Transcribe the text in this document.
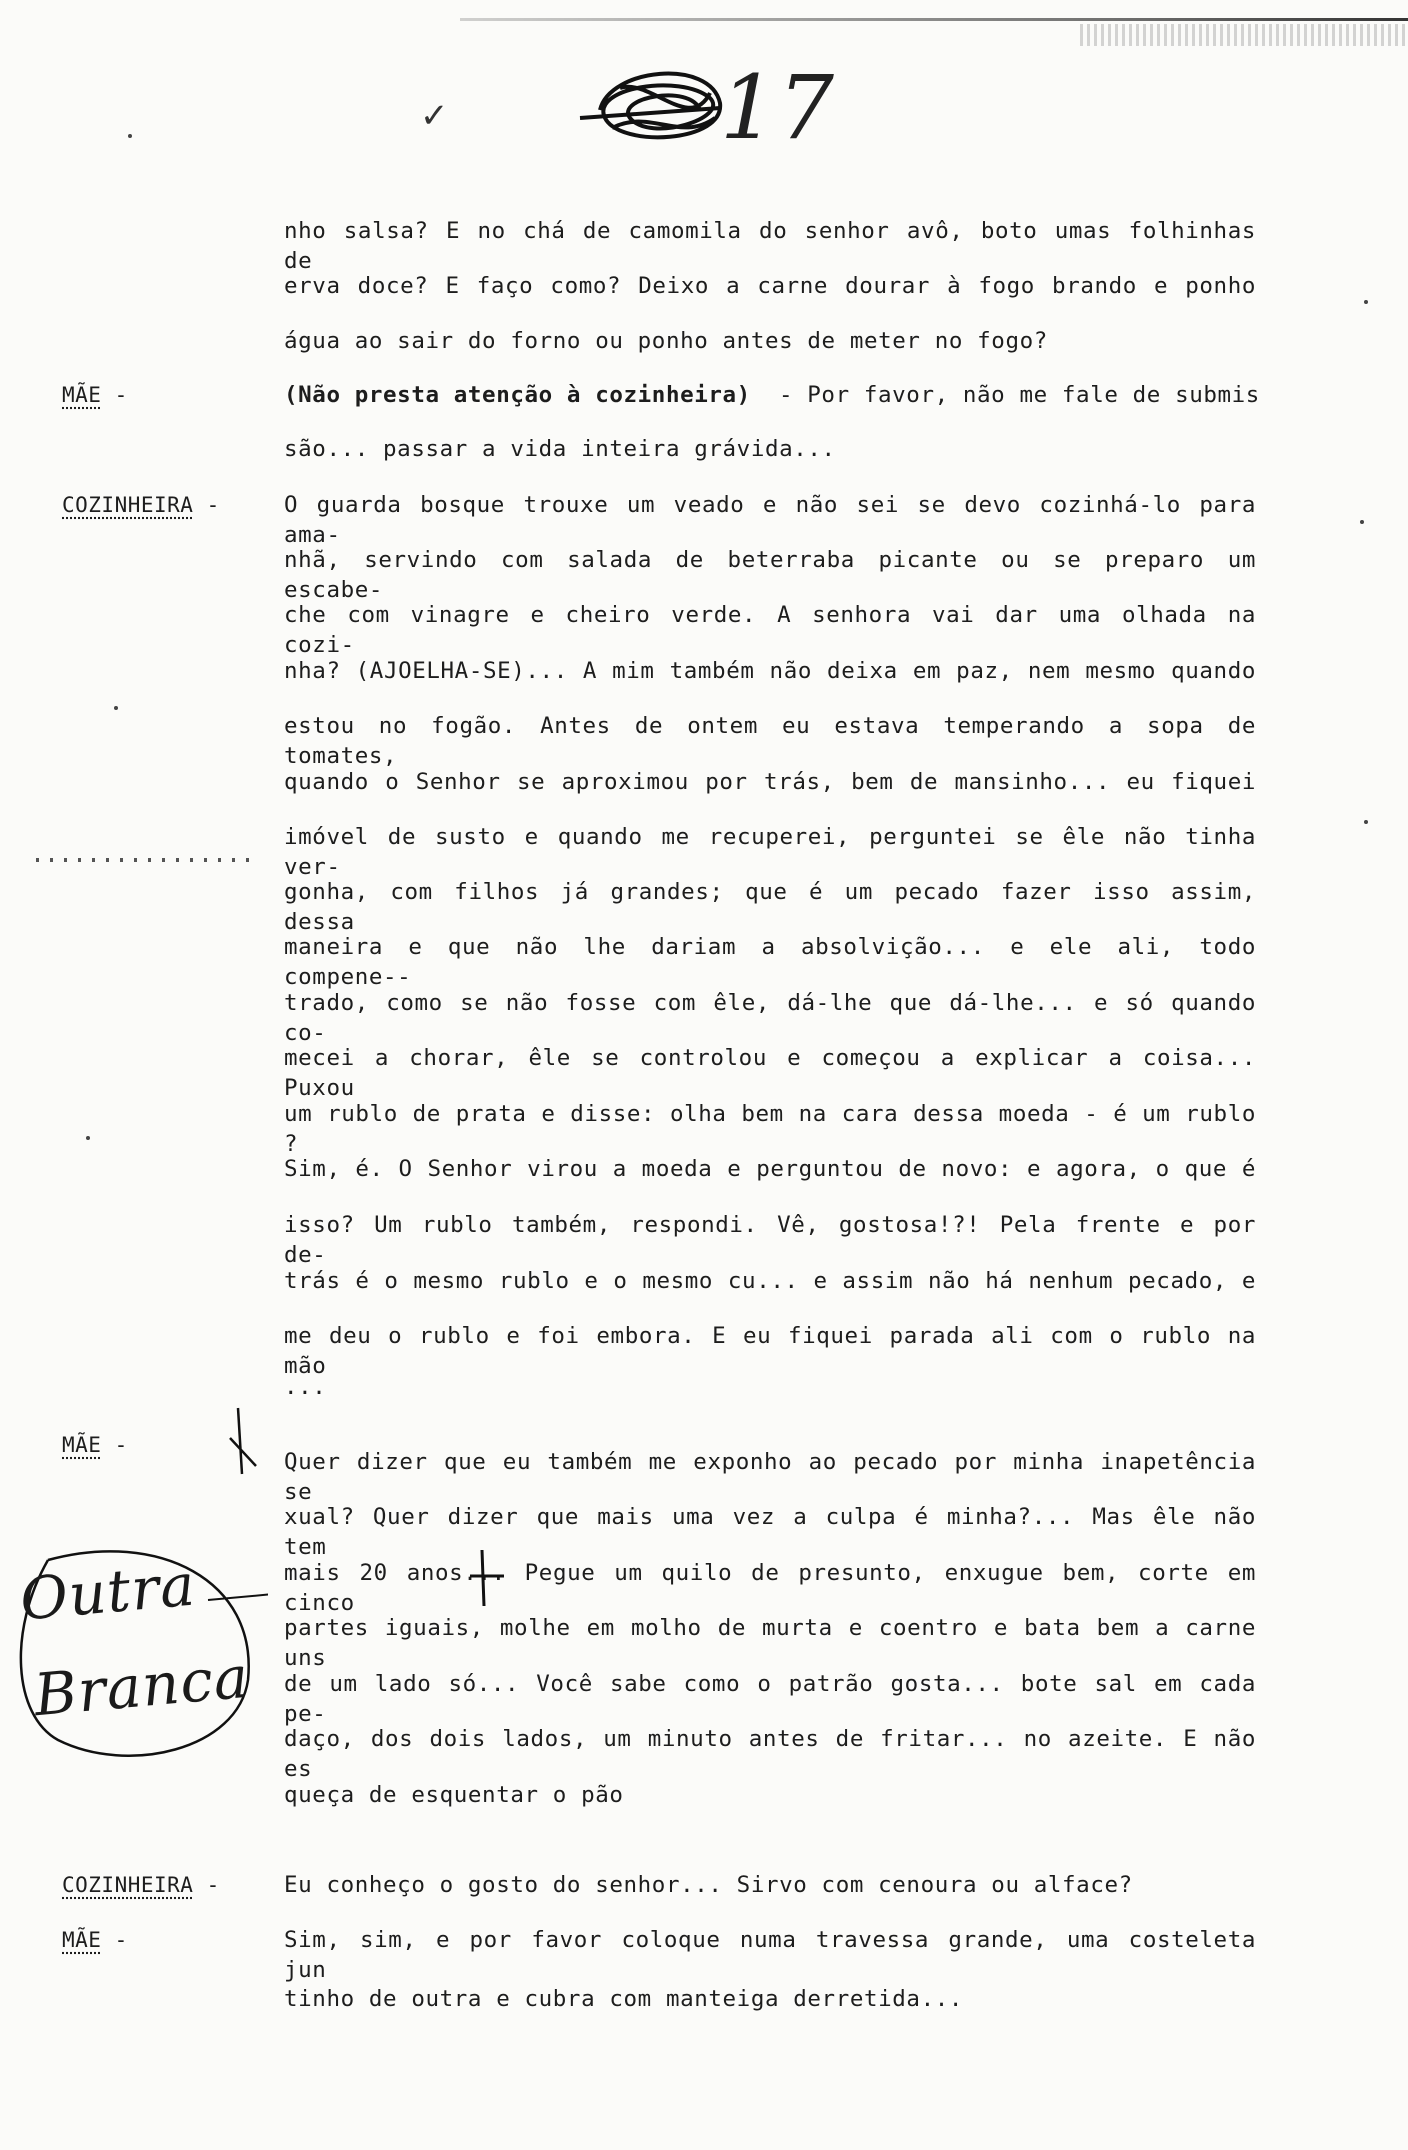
17
✓
nho salsa? E no chá de camomila do senhor avô, boto umas folhinhas de
erva doce? E faço como? Deixo a carne dourar à fogo brando e ponho
água ao sair do forno ou ponho antes de meter no fogo?
MÃE -	(Não presta atenção à cozinheira) - Por favor, não me fale de submis
são... passar a vida inteira grávida...
COZINHEIRA -	O guarda bosque trouxe um veado e não sei se devo cozinhá-lo para ama-
nhã, servindo com salada de beterraba picante ou se preparo um escabe-
che com vinagre e cheiro verde. A senhora vai dar uma olhada na cozi-
nha? (AJOELHA-SE)... A mim também não deixa em paz, nem mesmo quando
estou no fogão. Antes de ontem eu estava temperando a sopa de tomates,
quando o Senhor se aproximou por trás, bem de mansinho... eu fiquei
imóvel de susto e quando me recuperei, perguntei se êle não tinha ver-
gonha, com filhos já grandes; que é um pecado fazer isso assim, dessa
maneira e que não lhe dariam a absolvição... e ele ali, todo compene--
trado, como se não fosse com êle, dá-lhe que dá-lhe... e só quando co-
mecei a chorar, êle se controlou e começou a explicar a coisa... Puxou
um rublo de prata e disse: olha bem na cara dessa moeda - é um rublo ?
Sim, é. O Senhor virou a moeda e perguntou de novo: e agora, o que é
isso? Um rublo também, respondi. Vê, gostosa!?! Pela frente e por de-
trás é o mesmo rublo e o mesmo cu... e assim não há nenhum pecado, e
me deu o rublo e foi embora. E eu fiquei parada ali com o rublo na mão
...
MÃE -
Quer dizer que eu também me exponho ao pecado por minha inapetência se
xual? Quer dizer que mais uma vez a culpa é minha?... Mas êle não tem
mais 20 anos... Pegue um quilo de presunto, enxugue bem, corte em cinco
partes iguais, molhe em molho de murta e coentro e bata bem a carne uns
de um lado só... Você sabe como o patrão gosta... bote sal em cada pe-
daço, dos dois lados, um minuto antes de fritar... no azeite. E não es
queça de esquentar o pão
COZINHEIRA -	Eu conheço o gosto do senhor... Sirvo com cenoura ou alface?
MÃE -	Sim, sim, e por favor coloque numa travessa grande, uma costeleta jun
tinho de outra e cubra com manteiga derretida...
Outra
Branca
